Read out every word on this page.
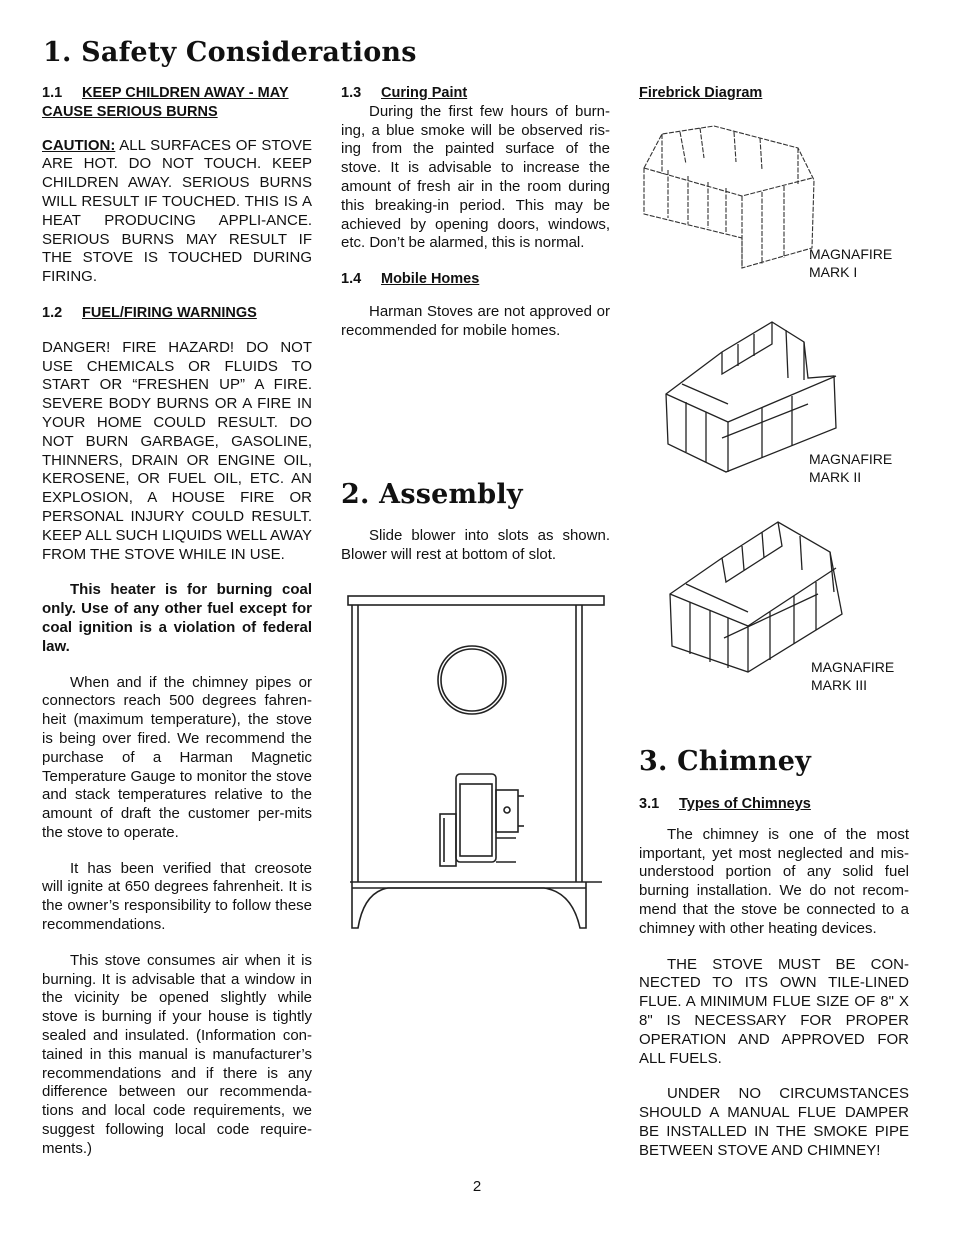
1. Safety Considerations
1.1 KEEP CHILDREN AWAY - MAY
CAUSE SERIOUS BURNS

CAUTION: ALL SURFACES OF STOVE ARE HOT. DO NOT TOUCH. KEEP CHILDREN AWAY. SERIOUS BURNS WILL RESULT IF TOUCHED. THIS IS A HEAT PRODUCING APPLI-ANCE. SERIOUS BURNS MAY RESULT IF THE STOVE IS TOUCHED DURING FIRING.

1.2 FUEL/FIRING WARNINGS

DANGER! FIRE HAZARD! DO NOT USE CHEMICALS OR FLUIDS TO START OR “FRESHEN UP” A FIRE. SEVERE BODY BURNS OR A FIRE IN YOUR HOME COULD RESULT. DO NOT BURN GARBAGE, GASOLINE, THINNERS, DRAIN OR ENGINE OIL, KEROSENE, OR FUEL OIL, ETC. AN EXPLOSION, A HOUSE FIRE OR PERSONAL INJURY COULD RESULT. KEEP ALL SUCH LIQUIDS WELL AWAY FROM THE STOVE WHILE IN USE.

This heater is for burning coal only. Use of any other fuel except for coal ignition is a violation of federal law.

When and if the chimney pipes or connectors reach 500 degrees fahren-heit (maximum temperature), the stove is being over fired. We recommend the purchase of a Harman Magnetic Temperature Gauge to monitor the stove and stack temperatures relative to the amount of draft the customer per-mits the stove to operate.

It has been verified that creosote will ignite at 650 degrees fahrenheit. It is the owner’s responsibility to follow these recommendations.

This stove consumes air when it is burning. It is advisable that a window in the vicinity be opened slightly while stove is burning if your house is tightly sealed and insulated. (Information con-tained in this manual is manufacturer’s recommendations and if there is any difference between our recommenda-tions and local code requirements, we suggest following local code require-ments.)

1.3 Curing Paint

During the first few hours of burn-ing, a blue smoke will be observed ris-ing from the painted surface of the stove. It is advisable to increase the amount of fresh air in the room during this breaking-in period. This may be achieved by opening doors, windows, etc. Don’t be alarmed, this is normal.

1.4 Mobile Homes

Harman Stoves are not approved or recommended for mobile homes.

2. Assembly

Slide blower into slots as shown. Blower will rest at bottom of slot.

Firebrick Diagram
MAGNAFIRE
MARK I
MAGNAFIRE
MARK II
MAGNAFIRE
MARK III
3. Chimney
3.1 Types of Chimneys

The chimney is one of the most important, yet most neglected and mis-understood portion of any solid fuel burning installation. We do not recom-mend that the stove be connected to a chimney with other heating devices.

THE STOVE MUST BE CON-NECTED TO ITS OWN TILE-LINED FLUE. A MINIMUM FLUE SIZE OF 8" X 8" IS NECESSARY FOR PROPER OPERATION AND APPROVED FOR ALL FUELS.

UNDER NO CIRCUMSTANCES SHOULD A MANUAL FLUE DAMPER BE INSTALLED IN THE SMOKE PIPE BETWEEN STOVE AND CHIMNEY!

2
